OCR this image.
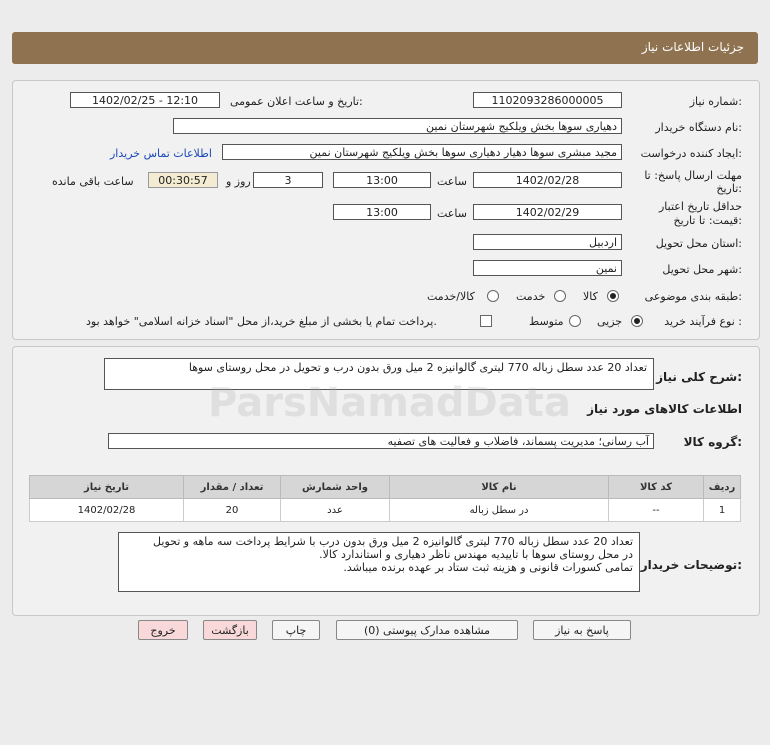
جزئیات اطلاعات نیاز
شماره نیاز:
1102093286000005
تاریخ و ساعت اعلان عمومی:
1402/02/25 - 12:10
نام دستگاه خریدار:
دهیاری سوها بخش ویلکیج شهرستان نمین
ایجاد کننده درخواست:
مجید مبشری سوها دهیار دهیاری سوها بخش ویلکیج شهرستان نمین
اطلاعات تماس خریدار
مهلت ارسال پاسخ: تا
تاریخ:
1402/02/28
ساعت
13:00
3
روز و
00:30:57
ساعت باقی مانده
حداقل تاریخ اعتبار
قیمت: تا تاریخ:
1402/02/29
ساعت
13:00
استان محل تحویل:
اردبیل
شهر محل تحویل:
نمین
طبقه بندی موضوعی:
کالا
خدمت
کالا/خدمت
نوع فرآیند خرید :
جزیی
متوسط
پرداخت تمام یا بخشی از مبلغ خرید،از محل "اسناد خزانه اسلامی" خواهد بود.
شرح کلی نیاز:
تعداد 20 عدد سطل زباله 770 لیتری گالوانیزه 2 میل ورق بدون درب و تحویل در محل روستای سوها
اطلاعات کالاهای مورد نیاز
گروه کالا:
آب رسانی؛ مدیریت پسماند، فاضلاب و فعالیت های تصفیه
ردیف	کد کالا	نام کالا	واحد شمارش	تعداد / مقدار	تاریخ نیاز
1	--	در سطل زباله	عدد	20	1402/02/28
توضیحات خریدار:
تعداد 20 عدد سطل زباله 770 لیتری گالوانیزه 2 میل ورق بدون درب با شرایط پرداخت سه ماهه و تحویل
در محل روستای سوها با تاییدیه مهندس ناظر دهیاری و استاندارد کالا.
تمامی کسورات قانونی و هزینه ثبت ستاد بر عهده برنده میباشد.
پاسخ به نیاز
مشاهده مدارک پیوستی (0)
چاپ
بازگشت
خروج
ParsNamadData
